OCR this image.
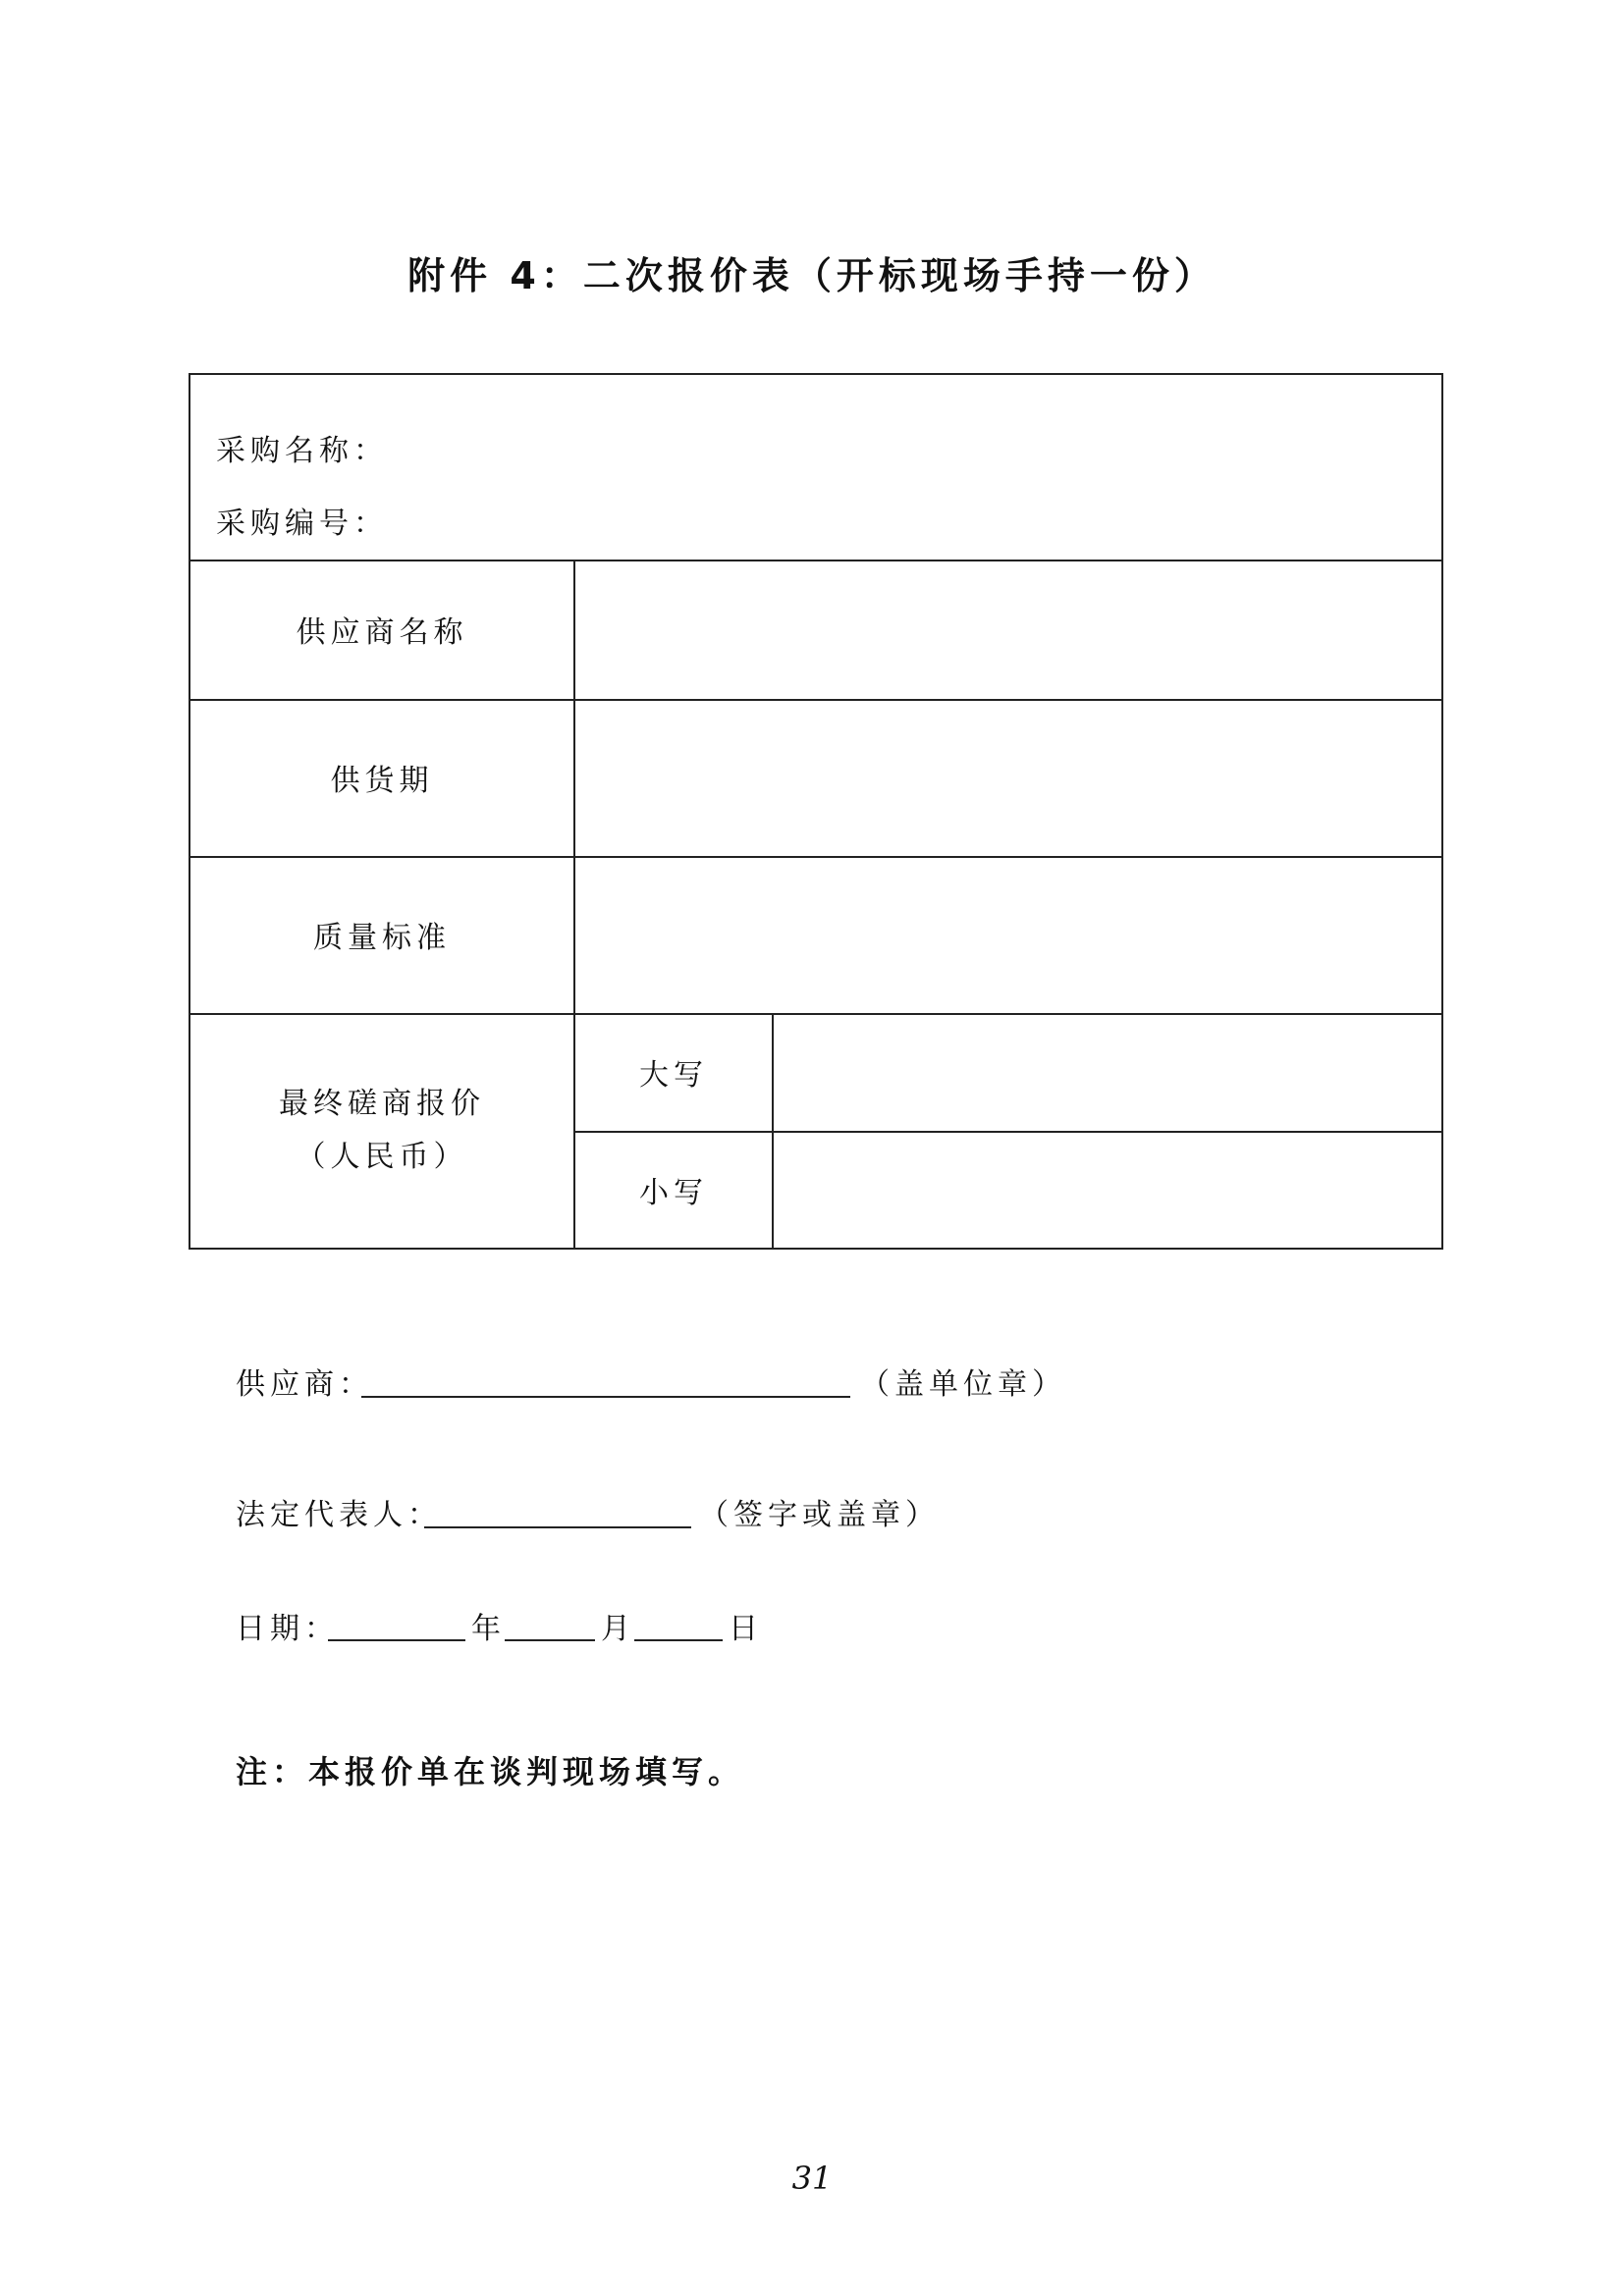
附件 4：二次报价表（开标现场手持一份）
采购名称：
采购编号：
供应商名称
供货期
质量标准
最终磋商报价
（人民币）
大写
小写
供应商：	（盖单位章）
法定代表人：	（签字或盖章）
日期：	年	月	日
注：本报价单在谈判现场填写。
31
